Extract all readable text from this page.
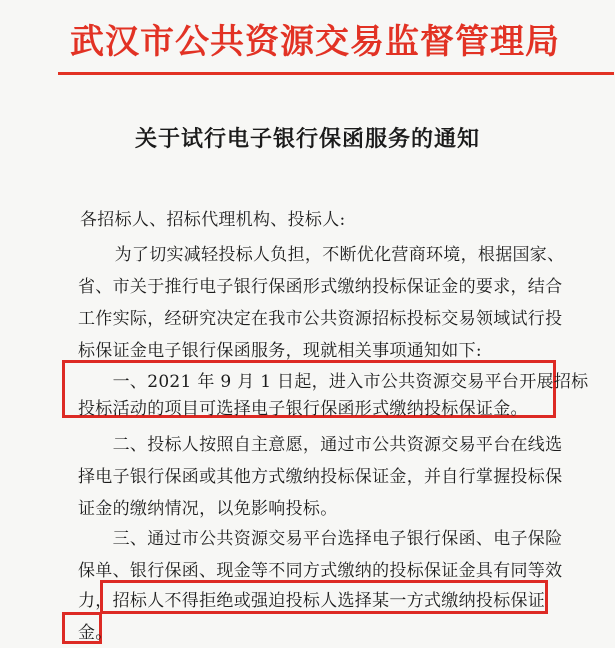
武汉市公共资源交易监督管理局
关于试行电子银行保函服务的通知
各招标人、招标代理机构、投标人:
　　为了切实减轻投标人负担，不断优化营商环境，根据国家、
省、市关于推行电子银行保函形式缴纳投标保证金的要求，结合
工作实际，经研究决定在我市公共资源招标投标交易领域试行投
标保证金电子银行保函服务，现就相关事项通知如下:
　　一、2021 年 9 月 1 日起，进入市公共资源交易平台开展招标
投标活动的项目可选择电子银行保函形式缴纳投标保证金。
　　二、投标人按照自主意愿，通过市公共资源交易平台在线选
择电子银行保函或其他方式缴纳投标保证金，并自行掌握投标保
证金的缴纳情况，以免影响投标。
　　三、通过市公共资源交易平台选择电子银行保函、电子保险
保单、银行保函、现金等不同方式缴纳的投标保证金具有同等效
力，招标人不得拒绝或强迫投标人选择某一方式缴纳投标保证
金。
